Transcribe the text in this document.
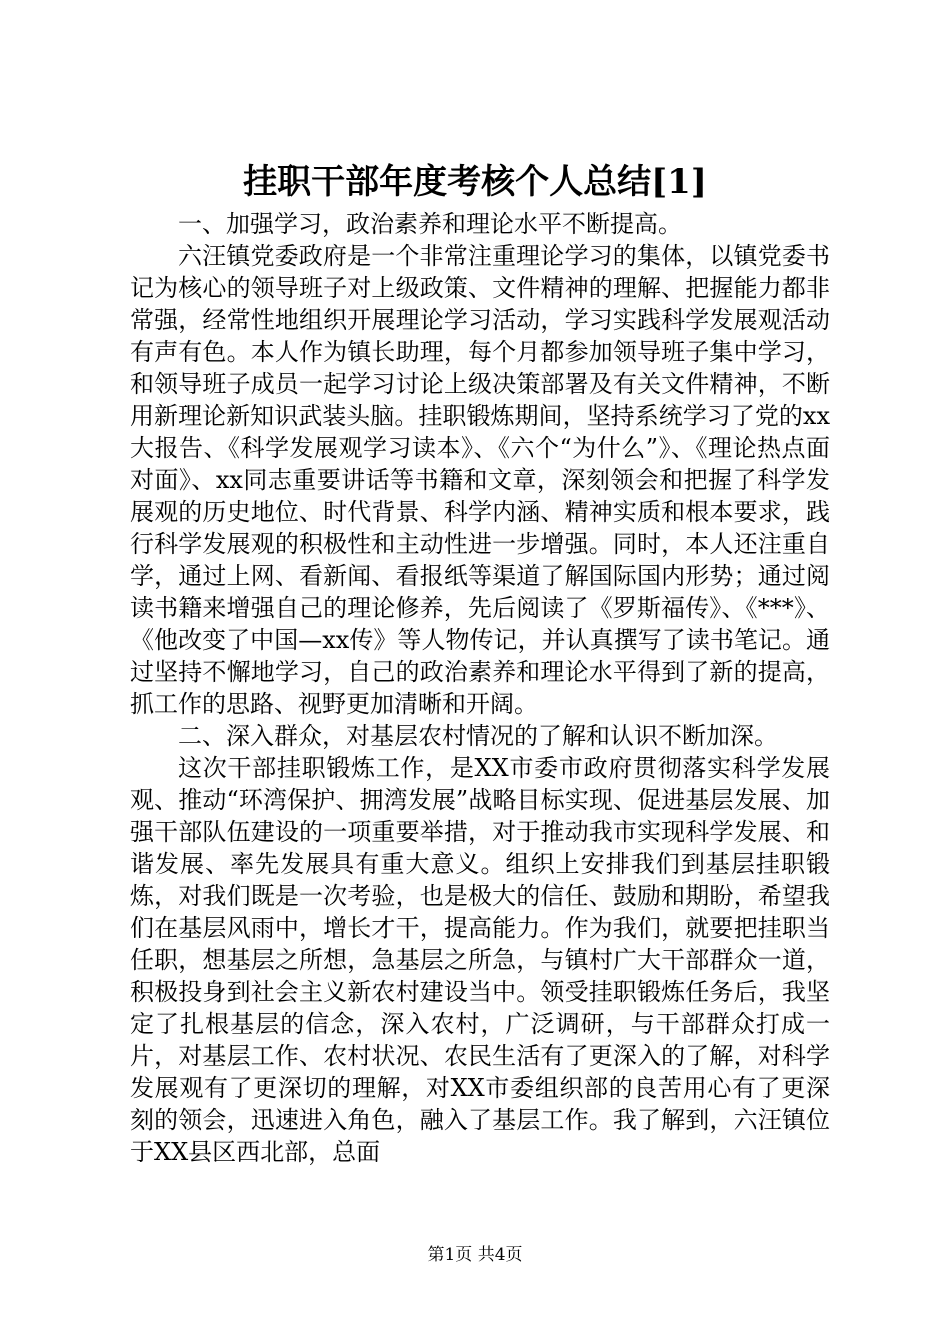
挂职干部年度考核个人总结[1]

一、加强学习，政治素养和理论水平不断提高。

六汪镇党委政府是一个非常注重理论学习的集体，以镇党委书记为核心的领导班子对上级政策、文件精神的理解、把握能力都非常强，经常性地组织开展理论学习活动，学习实践科学发展观活动有声有色。本人作为镇长助理，每个月都参加领导班子集中学习，和领导班子成员一起学习讨论上级决策部署及有关文件精神，不断用新理论新知识武装头脑。挂职锻炼期间，坚持系统学习了党的xx大报告、《科学发展观学习读本》、《六个“为什么”》、《理论热点面对面》、xx同志重要讲话等书籍和文章，深刻领会和把握了科学发展观的历史地位、时代背景、科学内涵、精神实质和根本要求，践行科学发展观的积极性和主动性进一步增强。同时，本人还注重自学，通过上网、看新闻、看报纸等渠道了解国际国内形势；通过阅读书籍来增强自己的理论修养，先后阅读了《罗斯福传》、《***》、《他改变了中国—xx传》等人物传记，并认真撰写了读书笔记。通过坚持不懈地学习，自己的政治素养和理论水平得到了新的提高，抓工作的思路、视野更加清晰和开阔。

二、深入群众，对基层农村情况的了解和认识不断加深。

这次干部挂职锻炼工作，是XX市委市政府贯彻落实科学发展观、推动“环湾保护、拥湾发展”战略目标实现、促进基层发展、加强干部队伍建设的一项重要举措，对于推动我市实现科学发展、和谐发展、率先发展具有重大意义。组织上安排我们到基层挂职锻炼，对我们既是一次考验，也是极大的信任、鼓励和期盼，希望我们在基层风雨中，增长才干，提高能力。作为我们，就要把挂职当任职，想基层之所想，急基层之所急，与镇村广大干部群众一道，积极投身到社会主义新农村建设当中。领受挂职锻炼任务后，我坚定了扎根基层的信念，深入农村，广泛调研，与干部群众打成一片，对基层工作、农村状况、农民生活有了更深入的了解，对科学发展观有了更深切的理解，对XX市委组织部的良苦用心有了更深刻的领会，迅速进入角色，融入了基层工作。我了解到，六汪镇位于XX县区西北部，总面

第1页 共4页
